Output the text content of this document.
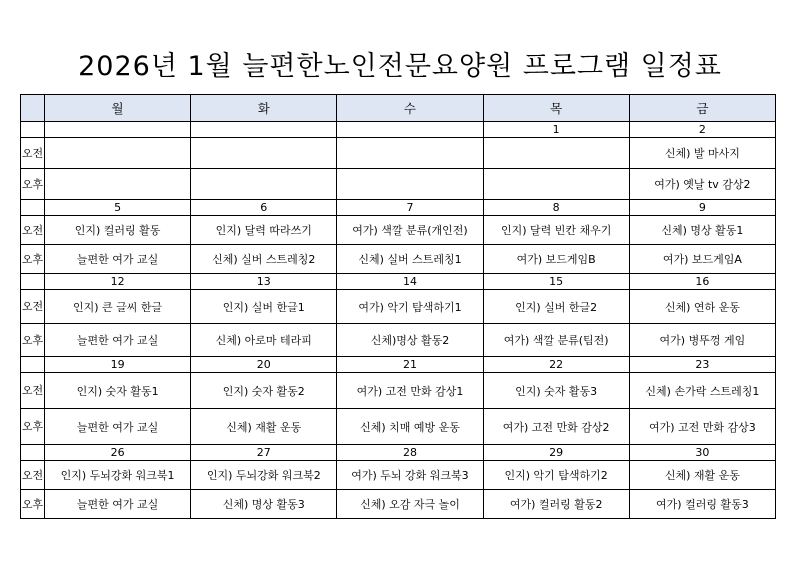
2026년 1월 늘편한노인전문요양원 프로그램 일정표
	월	화	수	목	금
				1	2
오전					신체) 발 마사지
오후					여가) 옛날 tv 감상2
	5	6	7	8	9
오전	인지) 컬러링 활동	인지) 달력 따라쓰기	여가) 색깔 분류(개인전)	인지) 달력 빈칸 채우기	신체) 명상 활동1
오후	늘편한 여가 교실	신체) 실버 스트레칭2	신체) 실버 스트레칭1	여가) 보드게임B	여가) 보드게임A
	12	13	14	15	16
오전	인지) 큰 글씨 한글	인지) 실버 한글1	여가) 악기 탐색하기1	인지) 실버 한글2	신체) 연하 운동
오후	늘편한 여가 교실	신체) 아로마 테라피	신체)명상 활동2	여가) 색깔 분류(팀전)	여가) 병뚜껑 게임
	19	20	21	22	23
오전	인지) 숫자 활동1	인지) 숫자 활동2	여가) 고전 만화 감상1	인지) 숫자 활동3	신체) 손가락 스트레칭1
오후	늘편한 여가 교실	신체) 재활 운동	신체) 치매 예방 운동	여가) 고전 만화 감상2	여가) 고전 만화 감상3
	26	27	28	29	30
오전	인지) 두뇌강화 워크북1	인지) 두뇌강화 워크북2	여가) 두뇌 강화 워크북3	인지) 악기 탐색하기2	신체) 재활 운동
오후	늘편한 여가 교실	신체) 명상 활동3	신체) 오감 자극 놀이	여가) 컬러링 활동2	여가) 컬러링 활동3
